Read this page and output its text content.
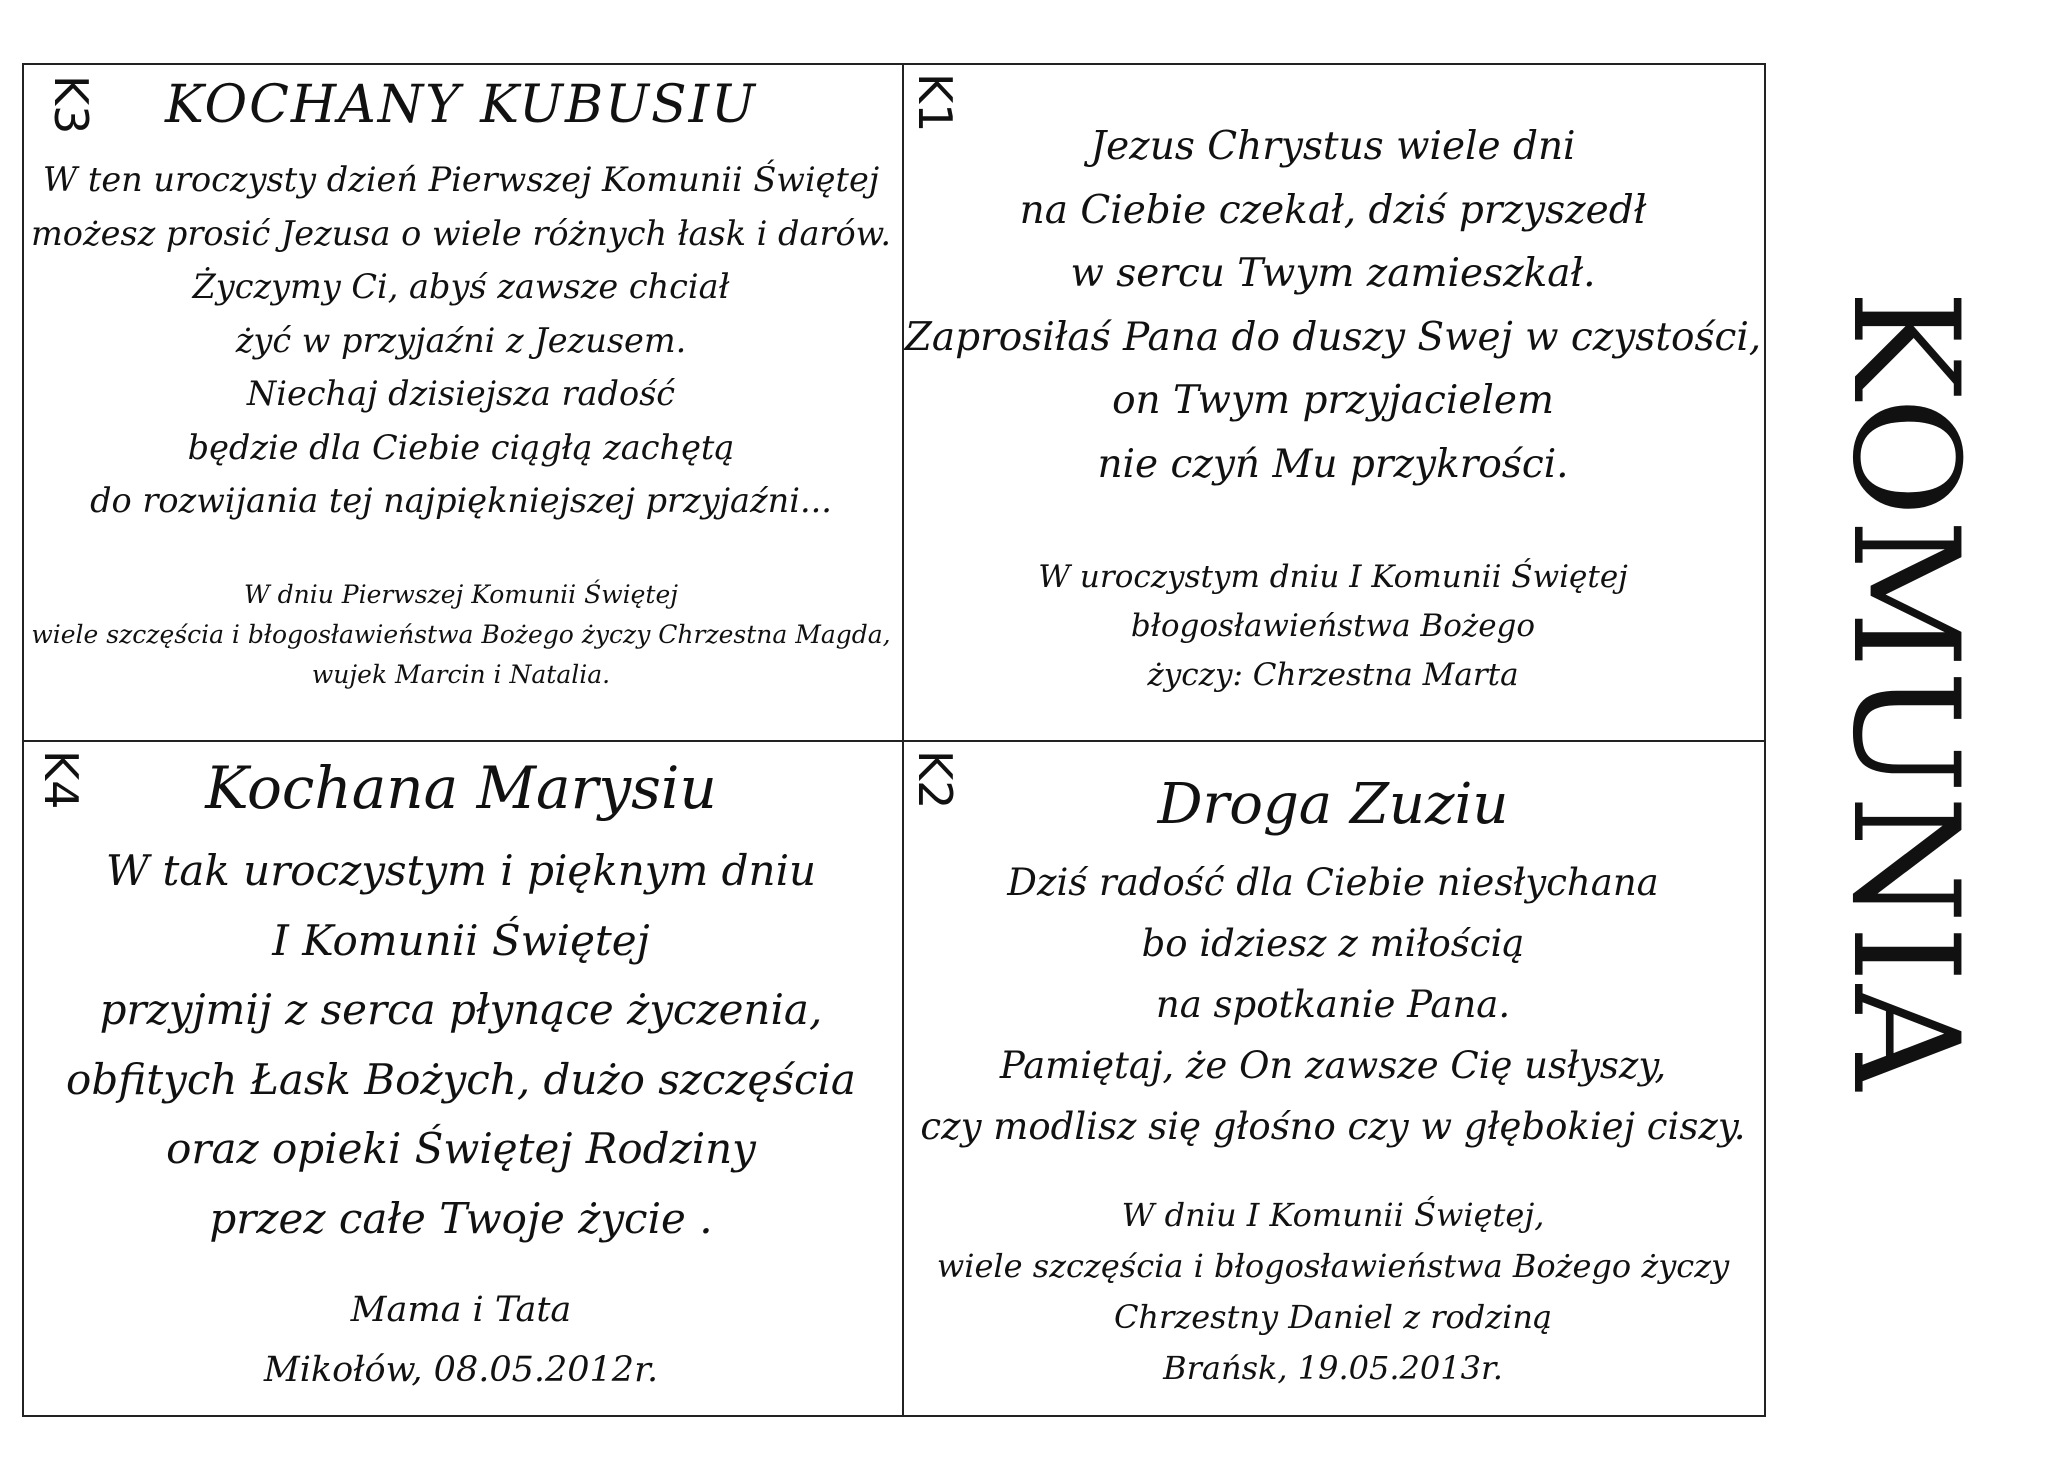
K3	KOCHANY KUBUSIU

W ten uroczysty dzień Pierwszej Komunii Świętej

możesz prosić Jezusa o wiele różnych łask i darów.

Życzymy Ci, abyś zawsze chciał

żyć w przyjaźni z Jezusem.

Niechaj dzisiejsza radość

będzie dla Ciebie ciągłą zachętą

do rozwijania tej najpiękniejszej przyjaźni...

W dniu Pierwszej Komunii Świętej

wiele szczęścia i błogosławieństwa Bożego życzy Chrzestna Magda,

wujek Marcin i Natalia.

K1

Jezus Chrystus wiele dni

na Ciebie czekał, dziś przyszedł

w sercu Twym zamieszkał.

Zaprosiłaś Pana do duszy Swej w czystości,

on Twym przyjacielem

nie czyń Mu przykrości.

W uroczystym dniu I Komunii Świętej

błogosławieństwa Bożego

życzy: Chrzestna Marta

K4	Kochana Marysiu

W tak uroczystym i pięknym dniu

I Komunii Świętej

przyjmij z serca płynące życzenia,

obfitych Łask Bożych, dużo szczęścia

oraz opieki Świętej Rodziny

przez całe Twoje życie .

Mama i Tata

Mikołów, 08.05.2012r.

K2	Droga Zuziu

Dziś radość dla Ciebie niesłychana

bo idziesz z miłością

na spotkanie Pana.

Pamiętaj, że On zawsze Cię usłyszy,

czy modlisz się głośno czy w głębokiej ciszy.

W dniu I Komunii Świętej,

wiele szczęścia i błogosławieństwa Bożego życzy

Chrzestny Daniel z rodziną

Brańsk, 19.05.2013r.

KOMUNIA
